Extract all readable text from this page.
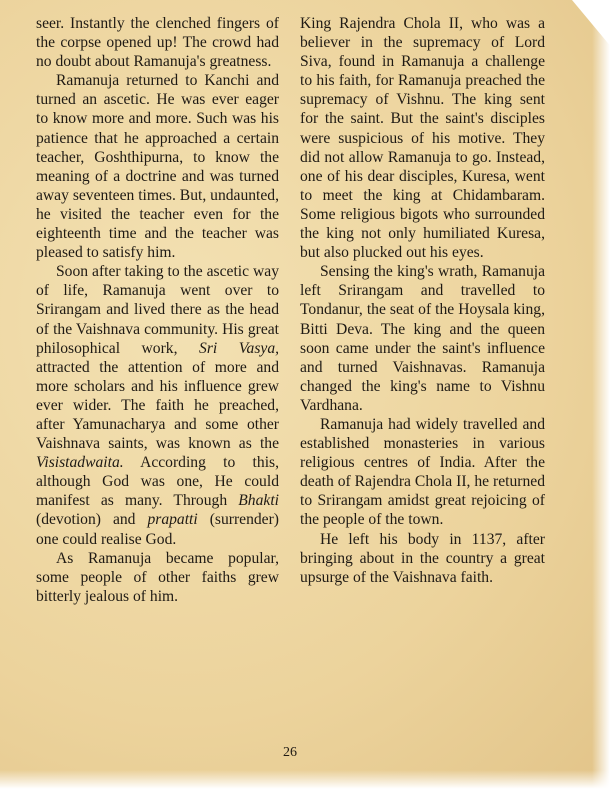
seer. Instantly the clenched fingers of the corpse opened up! The crowd had no doubt about Ramanuja's greatness.

Ramanuja returned to Kanchi and turned an ascetic. He was ever eager to know more and more. Such was his patience that he approached a certain teacher, Goshthipurna, to know the meaning of a doctrine and was turned away seventeen times. But, undaunted, he visited the teacher even for the eighteenth time and the teacher was pleased to satisfy him.

Soon after taking to the ascetic way of life, Ramanuja went over to Srirangam and lived there as the head of the Vaishnava community. His great philosophical work, Sri Vasya, attracted the attention of more and more scholars and his influence grew ever wider. The faith he preached, after Yamunacharya and some other Vaishnava saints, was known as the Visistadwaita. According to this, although God was one, He could manifest as many. Through Bhakti (devotion) and prapatti (surrender) one could realise God.

As Ramanuja became popular, some people of other faiths grew bitterly jealous of him.

King Rajendra Chola II, who was a believer in the supremacy of Lord Siva, found in Ramanuja a challenge to his faith, for Ramanuja preached the supremacy of Vishnu. The king sent for the saint. But the saint's disciples were suspicious of his motive. They did not allow Ramanuja to go. Instead, one of his dear disciples, Kuresa, went to meet the king at Chidambaram. Some religious bigots who surrounded the king not only humiliated Kuresa, but also plucked out his eyes.

Sensing the king's wrath, Ramanuja left Srirangam and travelled to Tondanur, the seat of the Hoysala king, Bitti Deva. The king and the queen soon came under the saint's influence and turned Vaishnavas. Ramanuja changed the king's name to Vishnu Vardhana.

Ramanuja had widely travelled and established monasteries in various religious centres of India. After the death of Rajendra Chola II, he returned to Srirangam amidst great rejoicing of the people of the town.

He left his body in 1137, after bringing about in the country a great upsurge of the Vaishnava faith.

26
